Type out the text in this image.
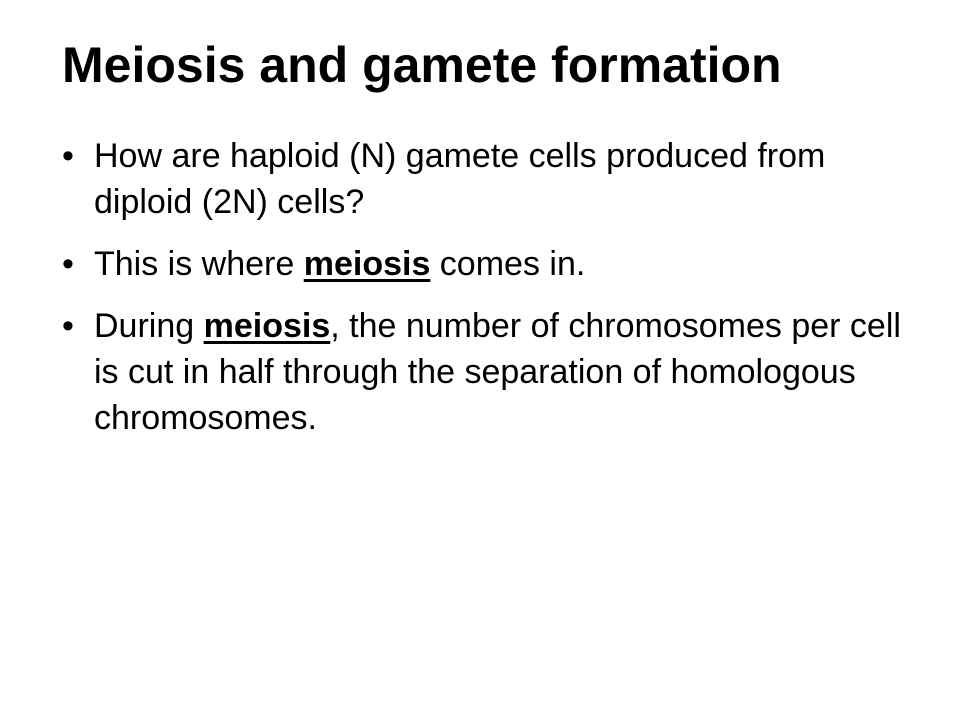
Meiosis and gamete formation
• How are haploid (N) gamete cells produced from diploid (2N) cells?
• This is where meiosis comes in.
• During meiosis, the number of chromosomes per cell is cut in half through the separation of homologous chromosomes.
